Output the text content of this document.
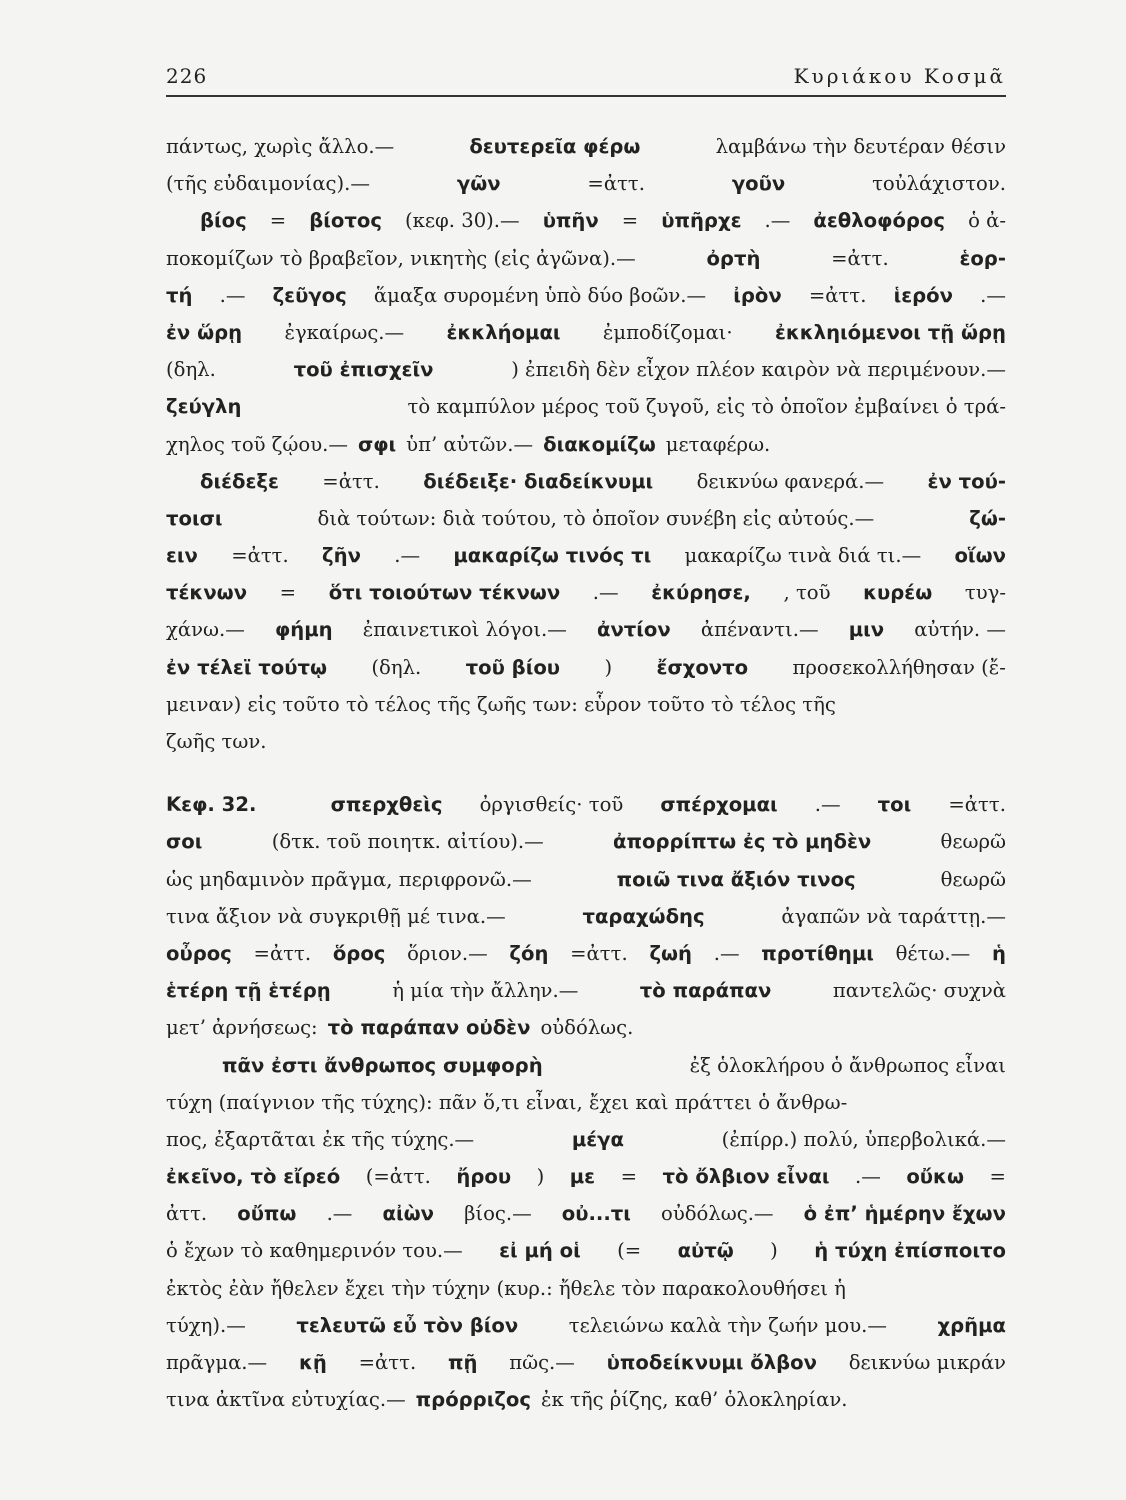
226	Κυριάκου Κοσμᾶ
πάντως, χωρὶς ἄλλο.—	δευτερεῖα φέρω	λαμβάνω τὴν δευτέραν θέσιν
(τῆς εὐδαιμονίας).—	γῶν	=ἀττ.	γοῦν	τοὐλάχιστον.
βίος = βίοτος (κεφ. 30).— ὑπῆν = ὑπῆρχε .— ἀεθλοφόρος ὁ ἀ-
ποκομίζων τὸ βραβεῖον, νικητὴς (εἰς ἀγῶνα).—	ὀρτὴ	=ἀττ.	ἑορ-
τή .— ζεῦγος ἅμαξα συρομένη ὑπὸ δύο βοῶν.— ἰρὸν =ἀττ. ἱερόν .—
ἐν ὥρῃ ἐγκαίρως.— ἐκκλήομαι ἐμποδίζομαι· ἐκκληιόμενοι τῇ ὥρῃ
(δηλ.	τοῦ ἐπισχεῖν	) ἐπειδὴ δὲν εἶχον πλέον καιρὸν νὰ περιμένουν.—
ζεύγλη	τὸ καμπύλον μέρος τοῦ ζυγοῦ, εἰς τὸ ὁποῖον ἐμβαίνει ὁ τρά-
χηλος τοῦ ζῴου.— σφι ὑπ’ αὐτῶν.— διακομίζω μεταφέρω.
διέδεξε =ἀττ. διέδειξε· διαδείκνυμι δεικνύω φανερά.— ἐν τού-
τοισι	διὰ τούτων: διὰ τούτου, τὸ ὁποῖον συνέβη εἰς αὐτούς.—	ζώ-
ειν =ἀττ. ζῆν .— μακαρίζω τινός τι μακαρίζω τινὰ διά τι.— οἵων
τέκνων = ὅτι τοιούτων τέκνων .— ἐκύρησε, , τοῦ κυρέω τυγ-
χάνω.— φήμη ἐπαινετικοὶ λόγοι.— ἀντίον ἀπέναντι.— μιν αὐτήν. —
ἐν τέλεϊ τούτῳ (δηλ. τοῦ βίου ) ἔσχοντο προσεκολλήθησαν (ἔ-
μειναν) εἰς τοῦτο τὸ τέλος τῆς ζωῆς των: εὗρον τοῦτο τὸ τέλος τῆς
ζωῆς των.
Κεφ. 32.	σπερχθεὶς ὀργισθείς· τοῦ σπέρχομαι .— τοι =ἀττ.
σοι	(δτκ. τοῦ ποιητκ. αἰτίου).—	ἀπορρίπτω ἐς τὸ μηδὲν	θεωρῶ
ὡς μηδαμινὸν πρᾶγμα, περιφρονῶ.—	ποιῶ τινα ἄξιόν τινος	θεωρῶ
τινα ἄξιον νὰ συγκριθῇ μέ τινα.—	ταραχώδης	ἀγαπῶν νὰ ταράττῃ.—
οὖρος =ἀττ. ὅρος ὅριον.— ζόη =ἀττ. ζωή .— προτίθημι θέτω.— ἡ
ἑτέρη τῇ ἑτέρῃ	ἡ μία τὴν ἄλλην.—	τὸ παράπαν	παντελῶς· συχνὰ
μετ’ ἀρνήσεως: τὸ παράπαν οὐδὲν οὐδόλως.
πᾶν ἐστι ἄνθρωπος συμφορὴ	ἐξ ὁλοκλήρου ὁ ἄνθρωπος εἶναι
τύχη (παίγνιον τῆς τύχης): πᾶν ὅ,τι εἶναι, ἔχει καὶ πράττει ὁ ἄνθρω-
πος, ἐξαρτᾶται ἐκ τῆς τύχης.—	μέγα	(ἐπίρρ.) πολύ, ὑπερβολικά.—
ἐκεῖνο, τὸ εἴρεό (=ἀττ. ἤρου ) με = τὸ ὄλβιον εἶναι .— οὔκω =
ἀττ. οὔπω .— αἰὼν βίος.— οὐ...τι οὐδόλως.— ὁ ἐπ’ ἡμέρην ἔχων
ὁ ἔχων τὸ καθημερινόν του.— εἰ μή οἱ (= αὐτῷ ) ἡ τύχη ἐπίσποιτο
ἐκτὸς ἐὰν ἤθελεν ἔχει τὴν τύχην (κυρ.: ἤθελε τὸν παρακολουθήσει ἡ
τύχη).—	τελευτῶ εὖ τὸν βίον	τελειώνω καλὰ τὴν ζωήν μου.—	χρῆμα
πρᾶγμα.— κῇ =ἀττ. πῇ πῶς.— ὑποδείκνυμι ὄλβον δεικνύω μικράν
τινα ἀκτῖνα εὐτυχίας.— πρόρριζος ἐκ τῆς ῥίζης, καθ’ ὁλοκληρίαν.
